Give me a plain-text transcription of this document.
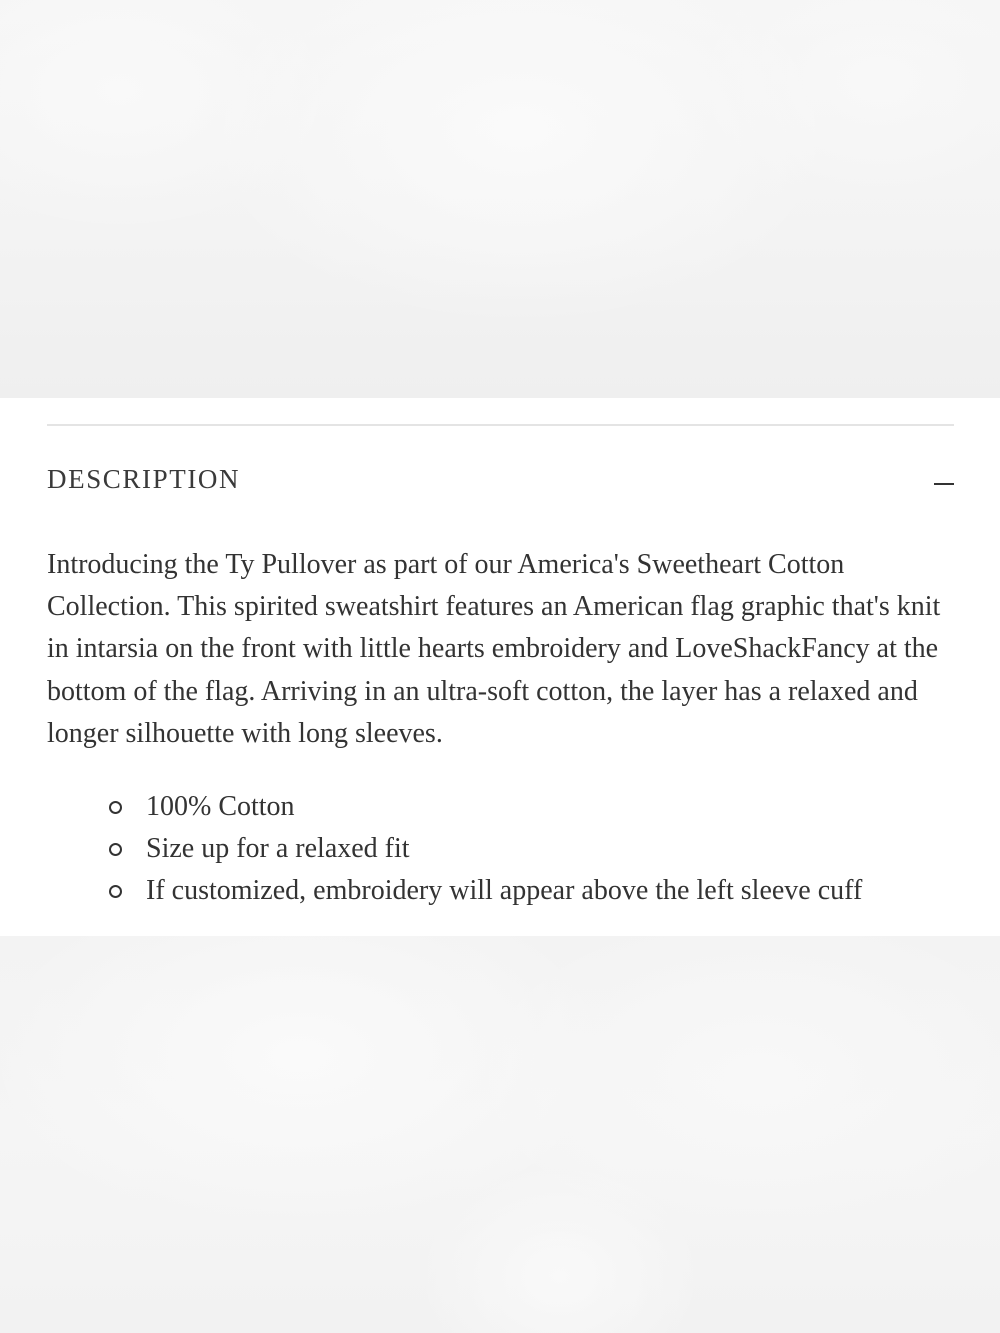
DESCRIPTION

Introducing the Ty Pullover as part of our America's Sweetheart Cotton Collection. This spirited sweatshirt features an American flag graphic that's knit in intarsia on the front with little hearts embroidery and LoveShackFancy at the bottom of the flag. Arriving in an ultra-soft cotton, the layer has a relaxed and longer silhouette with long sleeves.

100% Cotton
Size up for a relaxed fit
If customized, embroidery will appear above the left sleeve cuff
